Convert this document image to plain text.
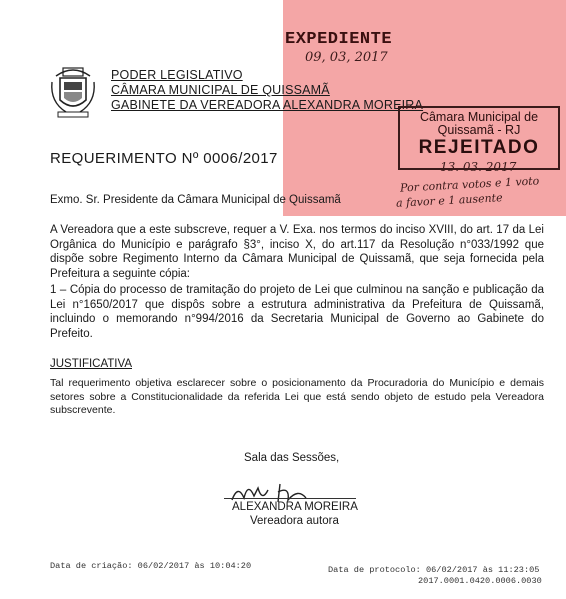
PODER LEGISLATIVO
CÂMARA MUNICIPAL DE QUISSAMÃ
GABINETE DA VEREADORA ALEXANDRA MOREIRA
EXPEDIENTE
09, 03, 2017
Câmara Municipal de Quissamã - RJ
REJEITADO
13. 03. 2017
Por contra votos e 1 voto
a favor e 1 ausente
REQUERIMENTO Nº 0006/2017
Exmo. Sr. Presidente da Câmara Municipal de Quissamã
A Vereadora que a este subscreve, requer a V. Exa. nos termos do inciso XVIII, do art. 17 da Lei Orgânica do Município e parágrafo §3°, inciso X, do art.117 da Resolução n°033/1992 que dispõe sobre Regimento Interno da Câmara Municipal de Quissamã, que seja fornecida pela Prefeitura a seguinte cópia:
1 – Cópia do processo de tramitação do projeto de Lei que culminou na sanção e publicação da Lei n°1650/2017 que dispôs sobre a estrutura administrativa da Prefeitura de Quissamã, incluindo o memorando n°994/2016 da Secretaria Municipal de Governo ao Gabinete do Prefeito.
JUSTIFICATIVA
Tal requerimento objetiva esclarecer sobre o posicionamento da Procuradoria do Município e demais setores sobre a Constitucionalidade da referida Lei que está sendo objeto de estudo pela Vereadora subscrevente.
Sala das Sessões,
ALEXANDRA MOREIRA
Vereadora autora
Data de criação: 06/02/2017 às 10:04:20	Data de protocolo: 06/02/2017 às 11:23:05
2017.0001.0420.0006.0030
